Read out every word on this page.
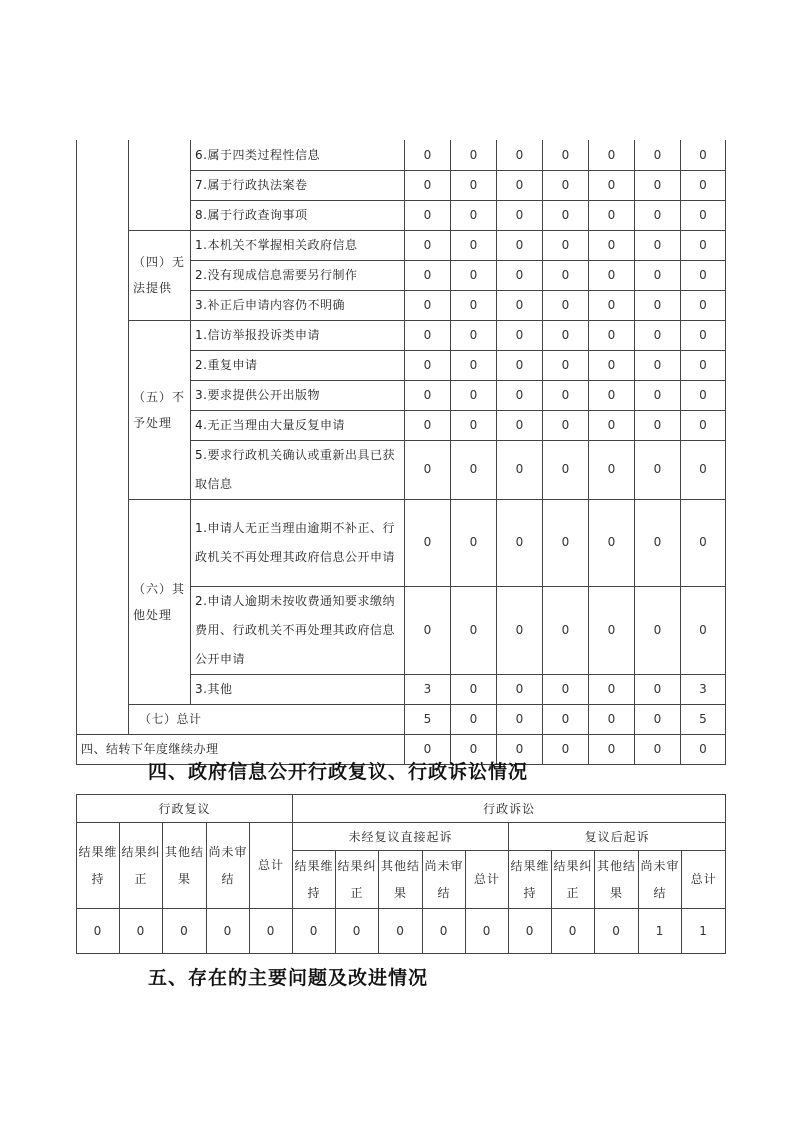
		6.属于四类过程性信息	0	0	0	0	0	0	0
		7.属于行政执法案卷	0	0	0	0	0	0	0
		8.属于行政查询事项	0	0	0	0	0	0	0
	（四）无法提供	1.本机关不掌握相关政府信息	0	0	0	0	0	0	0
		2.没有现成信息需要另行制作	0	0	0	0	0	0	0
		3.补正后申请内容仍不明确	0	0	0	0	0	0	0
	（五）不予处理	1.信访举报投诉类申请	0	0	0	0	0	0	0
		2.重复申请	0	0	0	0	0	0	0
		3.要求提供公开出版物	0	0	0	0	0	0	0
		4.无正当理由大量反复申请	0	0	0	0	0	0	0
		5.要求行政机关确认或重新出具已获取信息	0	0	0	0	0	0	0
	（六）其他处理	1.申请人无正当理由逾期不补正、行政机关不再处理其政府信息公开申请	0	0	0	0	0	0	0
		2.申请人逾期未按收费通知要求缴纳费用、行政机关不再处理其政府信息公开申请	0	0	0	0	0	0	0
		3.其他	3	0	0	0	0	0	3
	（七）总计		5	0	0	0	0	0	5
四、结转下年度继续办理			0	0	0	0	0	0	0
四、政府信息公开行政复议、行政诉讼情况
行政复议					行政诉讼									
结果维持	结果纠正	其他结果	尚未审结	总计	未经复议直接起诉					复议后起诉				
					结果维持	结果纠正	其他结果	尚未审结	总计	结果维持	结果纠正	其他结果	尚未审结	总计
0	0	0	0	0	0	0	0	0	0	0	0	0	1	1
五、存在的主要问题及改进情况
